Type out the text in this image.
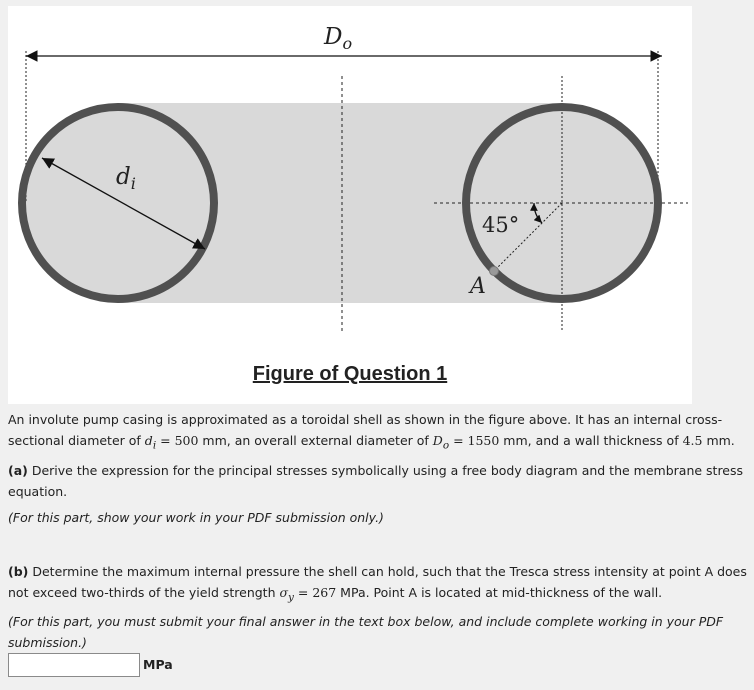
$D_o$
$d_i$
45°
A
Figure of Question 1

An involute pump casing is approximated as a toroidal shell as shown in the figure above. It has an internal cross-sectional diameter of $d_i = 500$ mm, an overall external diameter of $D_o = 1550$ mm, and a wall thickness of 4.5 mm.

(a) Derive the expression for the principal stresses symbolically using a free body diagram and the membrane stress equation.

(For this part, show your work in your PDF submission only.)

(b) Determine the maximum internal pressure the shell can hold, such that the Tresca stress intensity at point A does not exceed two-thirds of the yield strength $\sigma_y = 267$ MPa. Point A is located at mid-thickness of the wall.

(For this part, you must submit your final answer in the text box below, and include complete working in your PDF submission.)

MPa
